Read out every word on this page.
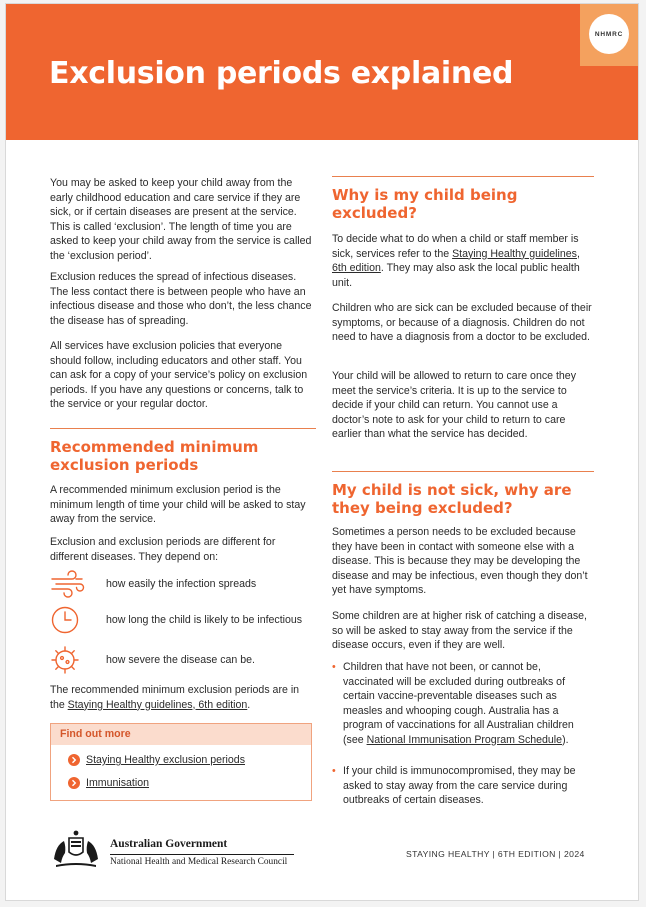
Exclusion periods explained
NHMRC

You may be asked to keep your child away from the early childhood education and care service if they are sick, or if certain diseases are present at the service. This is called ‘exclusion’. The length of time you are asked to keep your child away from the service is called the ‘exclusion period’.

Exclusion reduces the spread of infectious diseases. The less contact there is between people who have an infectious disease and those who don’t, the less chance the disease has of spreading.

All services have exclusion policies that everyone should follow, including educators and other staff. You can ask for a copy of your service’s policy on exclusion periods. If you have any questions or concerns, talk to the service or your regular doctor.

Recommended minimum exclusion periods

A recommended minimum exclusion period is the minimum length of time your child will be asked to stay away from the service.

Exclusion and exclusion periods are different for different diseases. They depend on:

how easily the infection spreads
how long the child is likely to be infectious
how severe the disease can be.

The recommended minimum exclusion periods are in the Staying Healthy guidelines, 6th edition.

Find out more
Staying Healthy exclusion periods
Immunisation
Why is my child being excluded?

To decide what to do when a child or staff member is sick, services refer to the Staying Healthy guidelines, 6th edition. They may also ask the local public health unit.

Children who are sick can be excluded because of their symptoms, or because of a diagnosis. Children do not need to have a diagnosis from a doctor to be excluded.

Your child will be allowed to return to care once they meet the service’s criteria. It is up to the service to decide if your child can return. You cannot use a doctor’s note to ask for your child to return to care earlier than what the service has decided.

My child is not sick, why are they being excluded?

Sometimes a person needs to be excluded because they have been in contact with someone else with a disease. This is because they may be developing the disease and may be infectious, even though they don’t yet have symptoms.

Some children are at higher risk of catching a disease, so will be asked to stay away from the service if the disease occurs, even if they are well.

• Children that have not been, or cannot be, vaccinated will be excluded during outbreaks of certain vaccine-preventable diseases such as measles and whooping cough. Australia has a program of vaccinations for all Australian children (see National Immunisation Program Schedule).
• If your child is immunocompromised, they may be asked to stay away from the care service during outbreaks of certain diseases.
Australian Government
National Health and Medical Research Council
STAYING HEALTHY | 6TH EDITION | 2024
